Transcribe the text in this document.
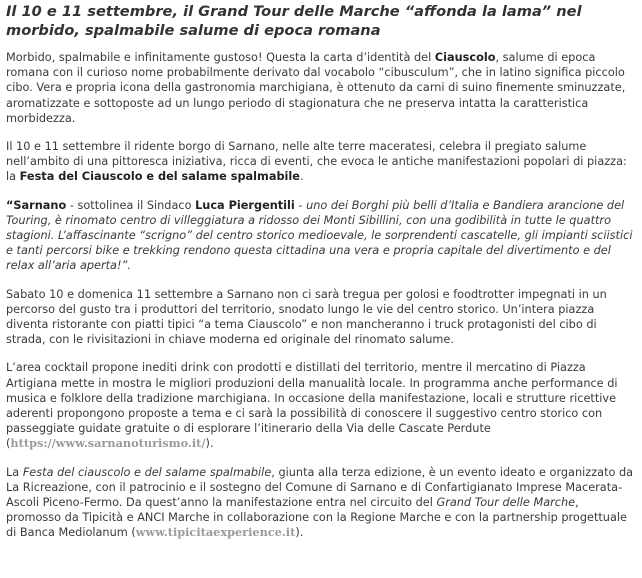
Il 10 e 11 settembre, il Grand Tour delle Marche “affonda la lama” nel morbido, spalmabile salume di epoca romana

Morbido, spalmabile e infinitamente gustoso! Questa la carta d’identità del Ciauscolo, salume di epoca romana con il curioso nome probabilmente derivato dal vocabolo “cibusculum”, che in latino significa piccolo cibo. Vera e propria icona della gastronomia marchigiana, è ottenuto da carni di suino finemente sminuzzate, aromatizzate e sottoposte ad un lungo periodo di stagionatura che ne preserva intatta la caratteristica morbidezza.

Il 10 e 11 settembre il ridente borgo di Sarnano, nelle alte terre maceratesi, celebra il pregiato salume nell’ambito di una pittoresca iniziativa, ricca di eventi, che evoca le antiche manifestazioni popolari di piazza: la Festa del Ciauscolo e del salame spalmabile.

“Sarnano - sottolinea il Sindaco Luca Piergentili - uno dei Borghi più belli d’Italia e Bandiera arancione del Touring, è rinomato centro di villeggiatura a ridosso dei Monti Sibillini, con una godibilità in tutte le quattro stagioni. L’affascinante “scrigno” del centro storico medioevale, le sorprendenti cascatelle, gli impianti sciistici e tanti percorsi bike e trekking rendono questa cittadina una vera e propria capitale del divertimento e del relax all’aria aperta!”.

Sabato 10 e domenica 11 settembre a Sarnano non ci sarà tregua per golosi e foodtrotter impegnati in un percorso del gusto tra i produttori del territorio, snodato lungo le vie del centro storico. Un’intera piazza diventa ristorante con piatti tipici “a tema Ciauscolo” e non mancheranno i truck protagonisti del cibo di strada, con le rivisitazioni in chiave moderna ed originale del rinomato salume.

L’area cocktail propone inediti drink con prodotti e distillati del territorio, mentre il mercatino di Piazza Artigiana mette in mostra le migliori produzioni della manualità locale. In programma anche performance di musica e folklore della tradizione marchigiana. In occasione della manifestazione, locali e strutture ricettive aderenti propongono proposte a tema e ci sarà la possibilità di conoscere il suggestivo centro storico con passeggiate guidate gratuite o di esplorare l’itinerario della Via delle Cascate Perdute (https://www.sarnanoturismo.it/).

La Festa del ciauscolo e del salame spalmabile, giunta alla terza edizione, è un evento ideato e organizzato da La Ricreazione, con il patrocinio e il sostegno del Comune di Sarnano e di Confartigianato Imprese Macerata-Ascoli Piceno-Fermo. Da quest’anno la manifestazione entra nel circuito del Grand Tour delle Marche, promosso da Tipicità e ANCI Marche in collaborazione con la Regione Marche e con la partnership progettuale di Banca Mediolanum (www.tipicitaexperience.it).
